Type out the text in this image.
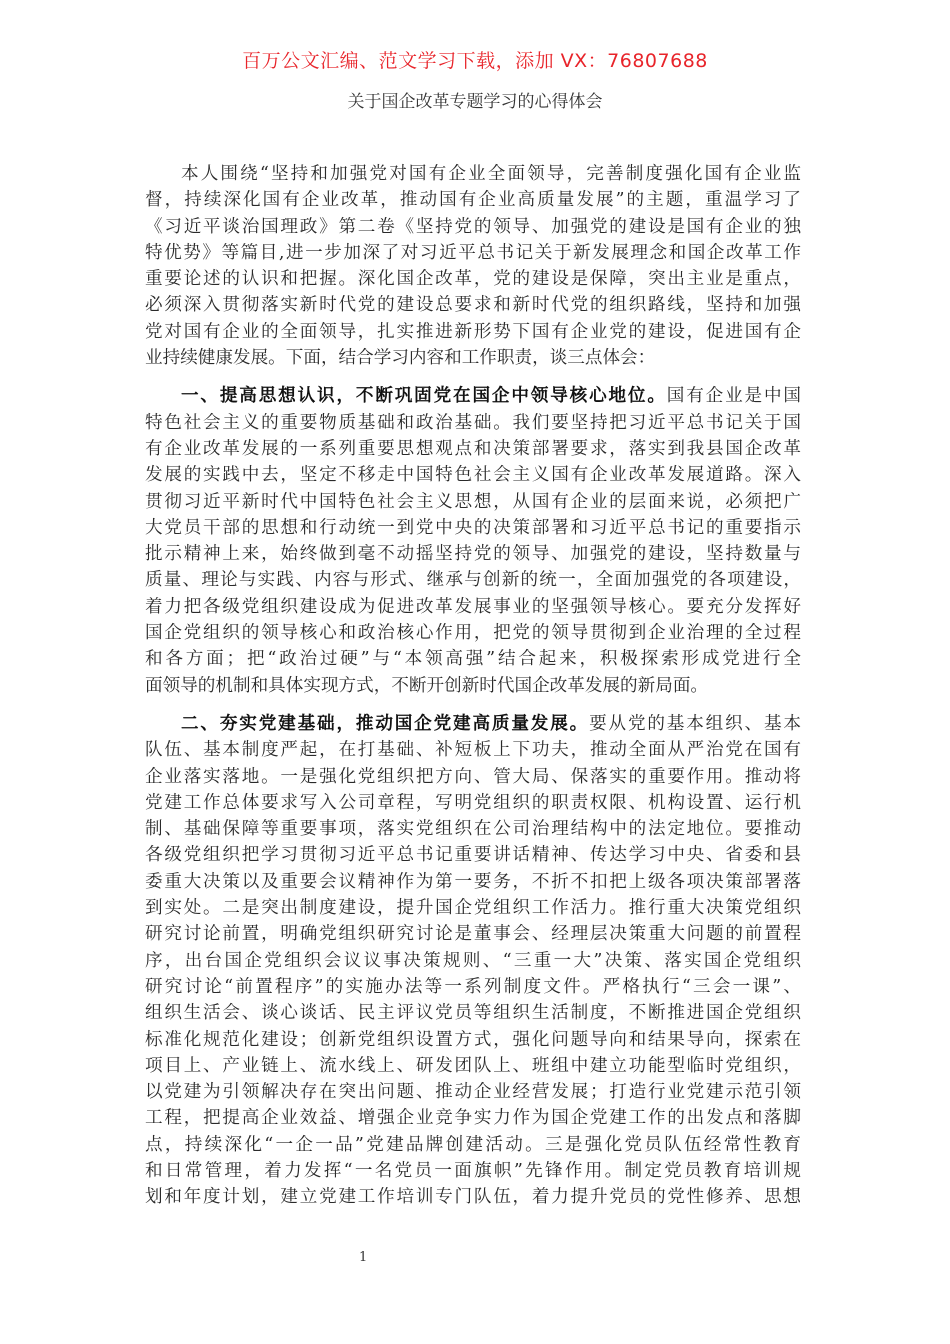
百万公文汇编、范文学习下载，添加 VX：76807688
关于国企改革专题学习的心得体会
本人围绕“坚持和加强党对国有企业全面领导，完善制度强化国有企业监
督，持续深化国有企业改革，推动国有企业高质量发展”的主题，重温学习了
《习近平谈治国理政》第二卷《坚持党的领导、加强党的建设是国有企业的独
特优势》等篇目,进一步加深了对习近平总书记关于新发展理念和国企改革工作
重要论述的认识和把握。深化国企改革，党的建设是保障，突出主业是重点，
必须深入贯彻落实新时代党的建设总要求和新时代党的组织路线，坚持和加强
党对国有企业的全面领导，扎实推进新形势下国有企业党的建设，促进国有企
业持续健康发展。下面，结合学习内容和工作职责，谈三点体会：
一、提高思想认识，不断巩固党在国企中领导核心地位。国有企业是中国
特色社会主义的重要物质基础和政治基础。我们要坚持把习近平总书记关于国
有企业改革发展的一系列重要思想观点和决策部署要求，落实到我县国企改革
发展的实践中去，坚定不移走中国特色社会主义国有企业改革发展道路。深入
贯彻习近平新时代中国特色社会主义思想，从国有企业的层面来说，必须把广
大党员干部的思想和行动统一到党中央的决策部署和习近平总书记的重要指示
批示精神上来，始终做到毫不动摇坚持党的领导、加强党的建设，坚持数量与
质量、理论与实践、内容与形式、继承与创新的统一，全面加强党的各项建设，
着力把各级党组织建设成为促进改革发展事业的坚强领导核心。要充分发挥好
国企党组织的领导核心和政治核心作用，把党的领导贯彻到企业治理的全过程
和各方面；把“政治过硬”与“本领高强”结合起来，积极探索形成党进行全
面领导的机制和具体实现方式，不断开创新时代国企改革发展的新局面。
二、夯实党建基础，推动国企党建高质量发展。要从党的基本组织、基本
队伍、基本制度严起，在打基础、补短板上下功夫，推动全面从严治党在国有
企业落实落地。一是强化党组织把方向、管大局、保落实的重要作用。推动将
党建工作总体要求写入公司章程，写明党组织的职责权限、机构设置、运行机
制、基础保障等重要事项，落实党组织在公司治理结构中的法定地位。要推动
各级党组织把学习贯彻习近平总书记重要讲话精神、传达学习中央、省委和县
委重大决策以及重要会议精神作为第一要务，不折不扣把上级各项决策部署落
到实处。二是突出制度建设，提升国企党组织工作活力。推行重大决策党组织
研究讨论前置，明确党组织研究讨论是董事会、经理层决策重大问题的前置程
序，出台国企党组织会议议事决策规则、“三重一大”决策、落实国企党组织
研究讨论“前置程序”的实施办法等一系列制度文件。严格执行“三会一课”、
组织生活会、谈心谈话、民主评议党员等组织生活制度，不断推进国企党组织
标准化规范化建设；创新党组织设置方式，强化问题导向和结果导向，探索在
项目上、产业链上、流水线上、研发团队上、班组中建立功能型临时党组织，
以党建为引领解决存在突出问题、推动企业经营发展；打造行业党建示范引领
工程，把提高企业效益、增强企业竞争实力作为国企党建工作的出发点和落脚
点，持续深化“一企一品”党建品牌创建活动。三是强化党员队伍经常性教育
和日常管理，着力发挥“一名党员一面旗帜”先锋作用。制定党员教育培训规
划和年度计划，建立党建工作培训专门队伍，着力提升党员的党性修养、思想
1
